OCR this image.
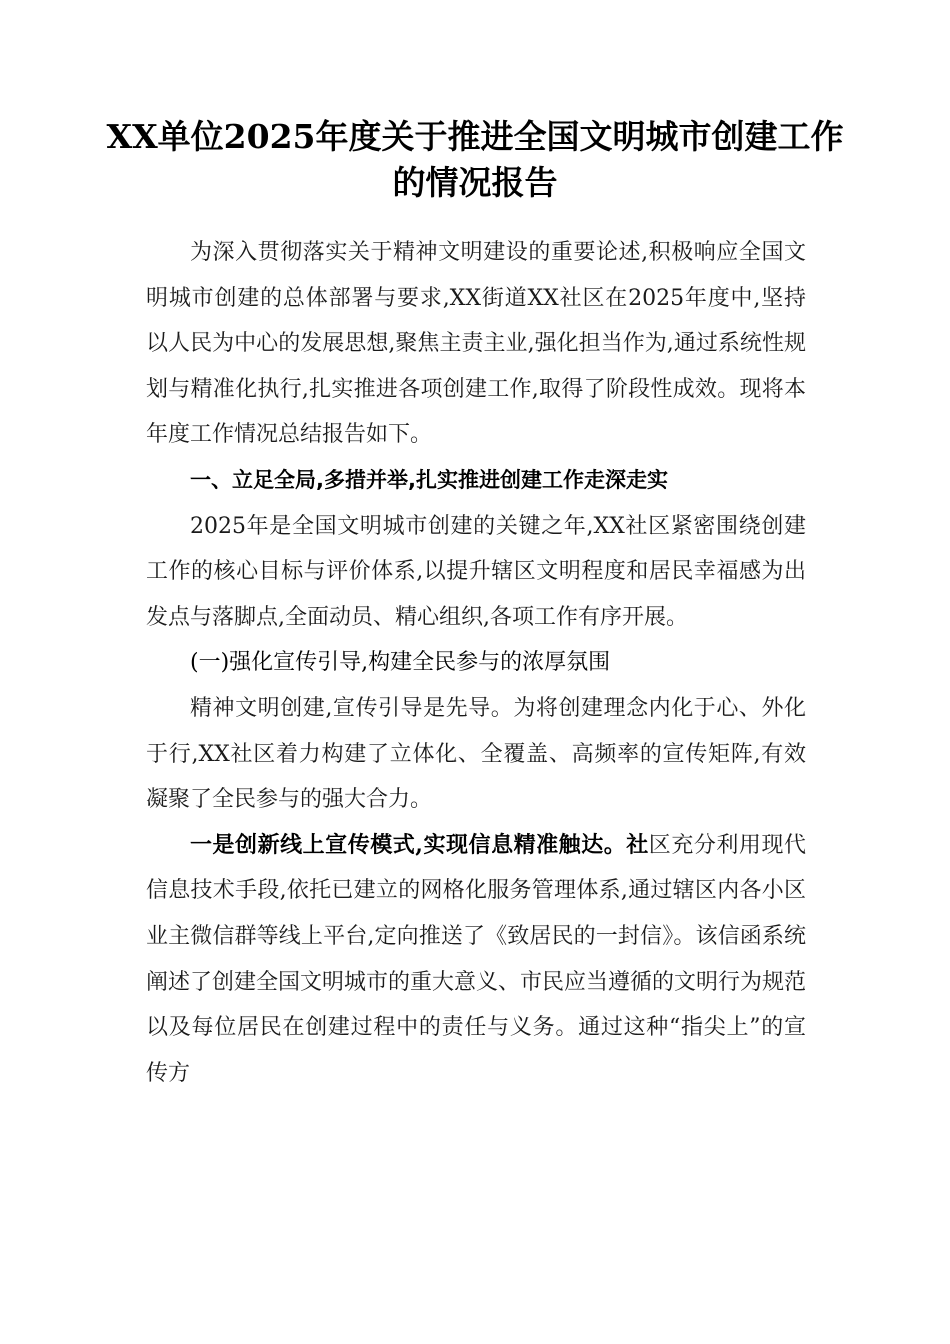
XX单位2025年度关于推进全国文明城市创建工作的情况报告

为深入贯彻落实关于精神文明建设的重要论述,积极响应全国文明城市创建的总体部署与要求,XX街道XX社区在2025年度中,坚持以人民为中心的发展思想,聚焦主责主业,强化担当作为,通过系统性规划与精准化执行,扎实推进各项创建工作,取得了阶段性成效。现将本年度工作情况总结报告如下。

一、立足全局,多措并举,扎实推进创建工作走深走实

2025年是全国文明城市创建的关键之年,XX社区紧密围绕创建工作的核心目标与评价体系,以提升辖区文明程度和居民幸福感为出发点与落脚点,全面动员、精心组织,各项工作有序开展。

(一)强化宣传引导,构建全民参与的浓厚氛围

精神文明创建,宣传引导是先导。为将创建理念内化于心、外化于行,XX社区着力构建了立体化、全覆盖、高频率的宣传矩阵,有效凝聚了全民参与的强大合力。

一是创新线上宣传模式,实现信息精准触达。社区充分利用现代信息技术手段,依托已建立的网格化服务管理体系,通过辖区内各小区业主微信群等线上平台,定向推送了《致居民的一封信》。该信函系统阐述了创建全国文明城市的重大意义、市民应当遵循的文明行为规范以及每位居民在创建过程中的责任与义务。通过这种“指尖上”的宣传方
